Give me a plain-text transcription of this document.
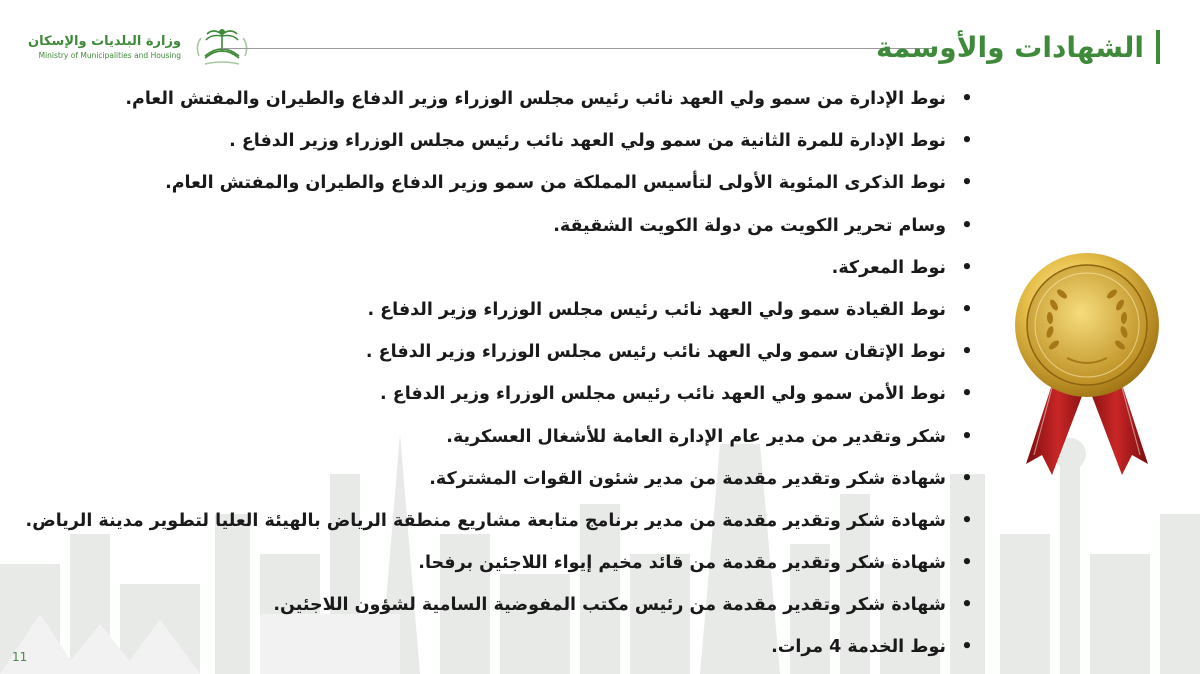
وزارة البلديات والإسكان
Ministry of Municipalities and Housing	الشهادات والأوسمة
•نوط الإدارة من سمو ولي العهد نائب رئيس مجلس الوزراء وزير الدفاع والطيران والمفتش العام.
•نوط الإدارة للمرة الثانية من سمو ولي العهد نائب رئيس مجلس الوزراء وزير الدفاع .
•نوط الذكرى المئوية الأولى لتأسيس المملكة من سمو وزير الدفاع والطيران والمفتش العام.
•وسام تحرير الكويت من دولة الكويت الشقيقة.
•نوط المعركة.
•نوط القيادة سمو ولي العهد نائب رئيس مجلس الوزراء وزير الدفاع .
•نوط الإتقان سمو ولي العهد نائب رئيس مجلس الوزراء وزير الدفاع .
•نوط الأمن سمو ولي العهد نائب رئيس مجلس الوزراء وزير الدفاع .
•شكر وتقدير من مدير عام الإدارة العامة للأشغال العسكرية.
•شهادة شكر وتقدير مقدمة من مدير شئون القوات المشتركة.
•شهادة شكر وتقدير مقدمة من مدير برنامج متابعة مشاريع منطقة الرياض بالهيئة العليا لتطوير مدينة الرياض.
•شهادة شكر وتقدير مقدمة من قائد مخيم إيواء اللاجئين برفحا.
•شهادة شكر وتقدير مقدمة من رئيس مكتب المفوضية السامية لشؤون اللاجئين.
•نوط الخدمة 4 مرات.
11
